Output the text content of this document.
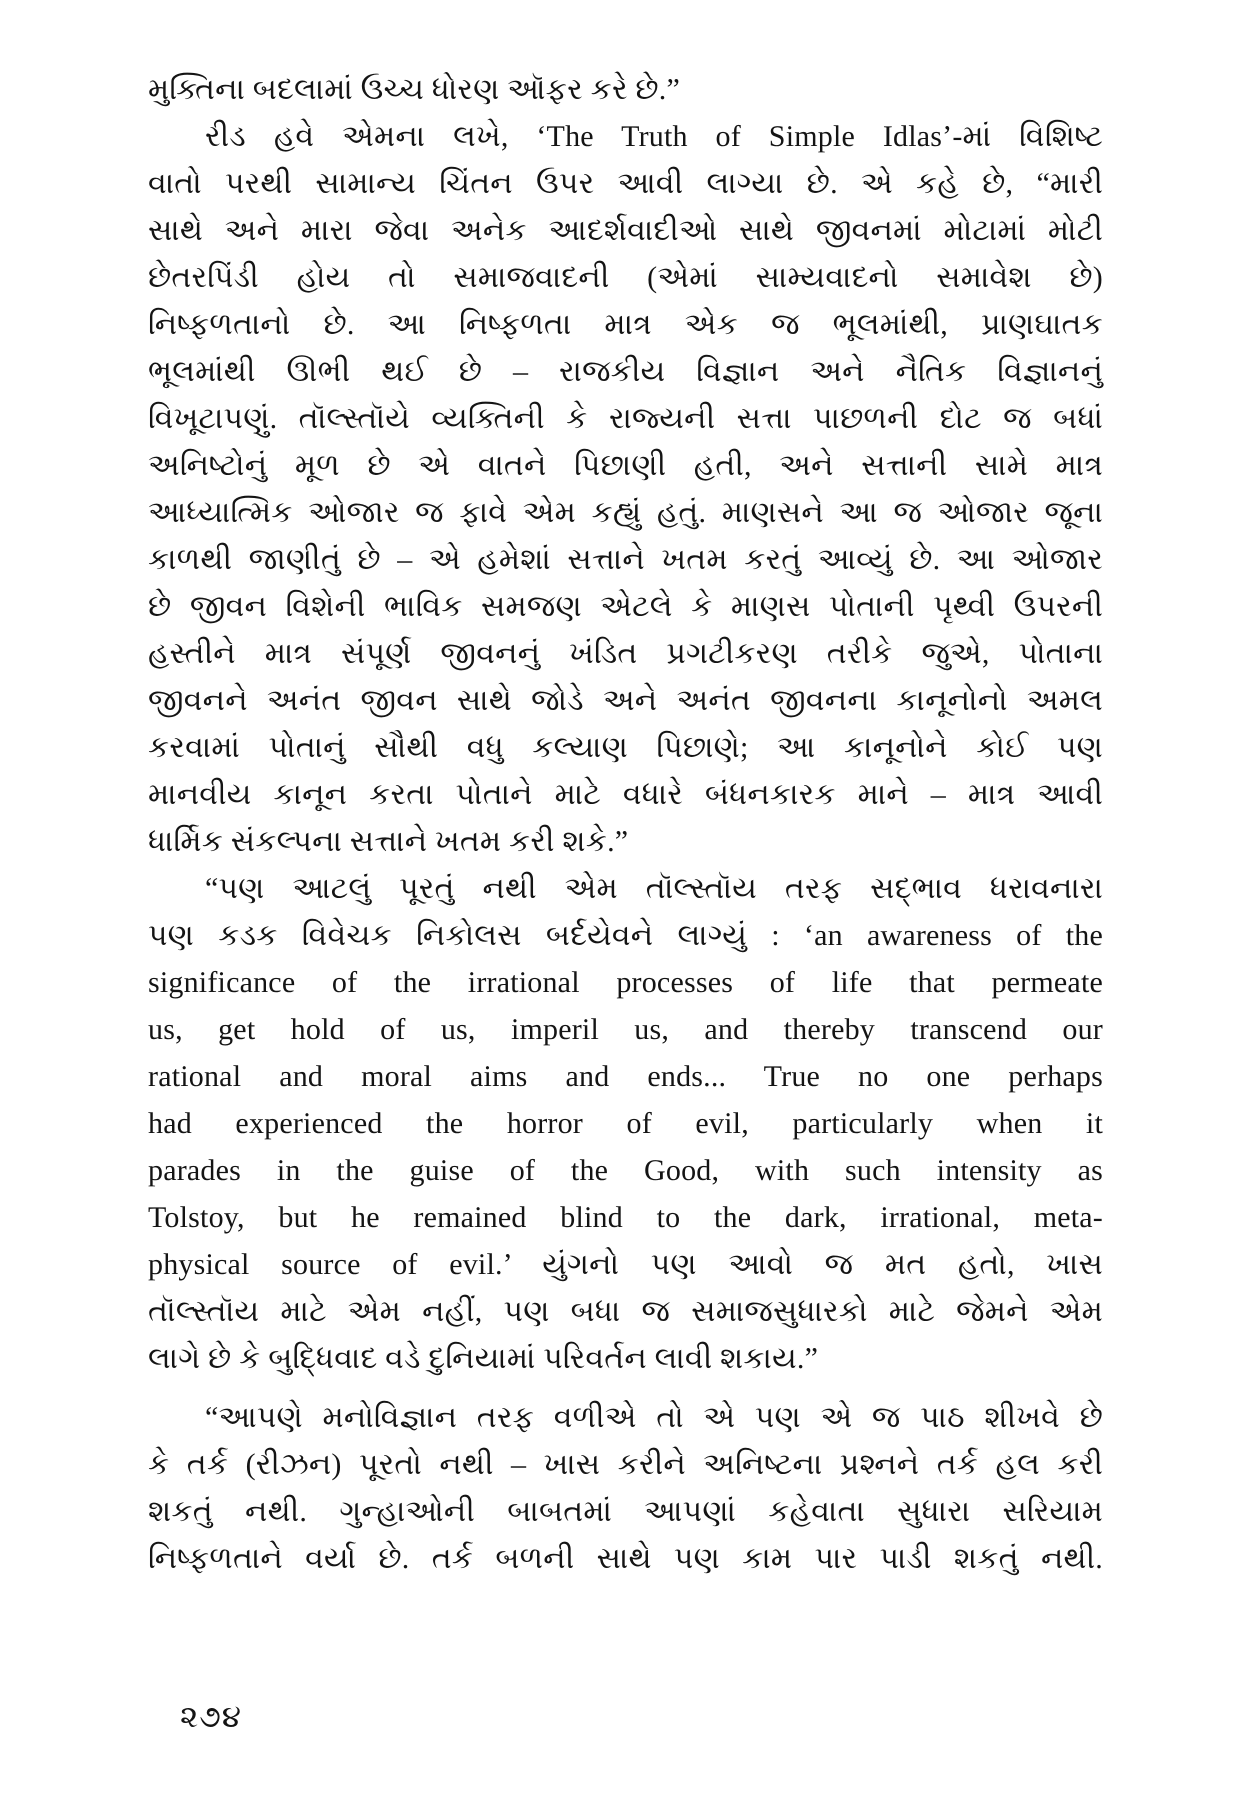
મુક્તિના બદલામાં ઉચ્ચ ધોરણ ઑફર કરે છે.”
રીડ હવે એમના લખે, ‘The Truth of Simple Idlas’-માં વિશિષ્ટ
વાતો પરથી સામાન્ય ચિંતન ઉપર આવી લાગ્યા છે. એ કહે છે, “મારી
સાથે અને મારા જેવા અનેક આદર્શવાદીઓ સાથે જીવનમાં મોટામાં મોટી
છેતરપિંડી હોય તો સમાજવાદની (એમાં સામ્યવાદનો સમાવેશ છે)
નિષ્ફળતાનો છે. આ નિષ્ફળતા માત્ર એક જ ભૂલમાંથી, પ્રાણઘાતક
ભૂલમાંથી ઊભી થઈ છે – રાજકીય વિજ્ઞાન અને નૈતિક વિજ્ઞાનનું
વિખૂટાપણું. તૉલ્સ્તૉયે વ્યક્તિની કે રાજ્યની સત્તા પાછળની દોટ જ બધાં
અનિષ્ટોનું મૂળ છે એ વાતને પિછાણી હતી, અને સત્તાની સામે માત્ર
આધ્યાત્મિક ઓજાર જ ફાવે એમ કહ્યું હતું. માણસને આ જ ઓજાર જૂના
કાળથી જાણીતું છે – એ હમેશાં સત્તાને ખતમ કરતું આવ્યું છે. આ ઓજાર
છે જીવન વિશેની ભાવિક સમજણ એટલે કે માણસ પોતાની પૃથ્વી ઉપરની
હસ્તીને માત્ર સંપૂર્ણ જીવનનું ખંડિત પ્રગટીકરણ તરીકે જુએ, પોતાના
જીવનને અનંત જીવન સાથે જોડે અને અનંત જીવનના કાનૂનોનો અમલ
કરવામાં પોતાનું સૌથી વધુ કલ્યાણ પિછાણે; આ કાનૂનોને કોઈ પણ
માનવીય કાનૂન કરતા પોતાને માટે વધારે બંધનકારક માને – માત્ર આવી
ધાર્મિક સંકલ્પના સત્તાને ખતમ કરી શકે.”
“પણ આટલું પૂરતું નથી એમ તૉલ્સ્તૉય તરફ સદ્ભાવ ધરાવનારા
પણ કડક વિવેચક નિકોલસ બર્દયેવને લાગ્યું : ‘an awareness of the
significance of the irrational processes of life that permeate
us, get hold of us, imperil us, and thereby transcend our
rational and moral aims and ends... True no one perhaps
had experienced the horror of evil, particularly when it
parades in the guise of the Good, with such intensity as
Tolstoy, but he remained blind to the dark, irrational, meta-
physical source of evil.’ યુંગનો પણ આવો જ મત હતો, ખાસ
તૉલ્સ્તૉય માટે એમ નહીં, પણ બધા જ સમાજસુધારકો માટે જેમને એમ
લાગે છે કે બુદ્ધિવાદ વડે દુનિયામાં પરિવર્તન લાવી શકાય.”
“આપણે મનોવિજ્ઞાન તરફ વળીએ તો એ પણ એ જ પાઠ શીખવે છે
કે તર્ક (રીઝન) પૂરતો નથી – ખાસ કરીને અનિષ્ટના પ્રશ્નને તર્ક હલ કરી
શકતું નથી. ગુન્હાઓની બાબતમાં આપણાં કહેવાતા સુધારા સરિયામ
નિષ્ફળતાને વર્યા છે. તર્ક બળની સાથે પણ કામ પાર પાડી શકતું નથી.
૨૭૪
